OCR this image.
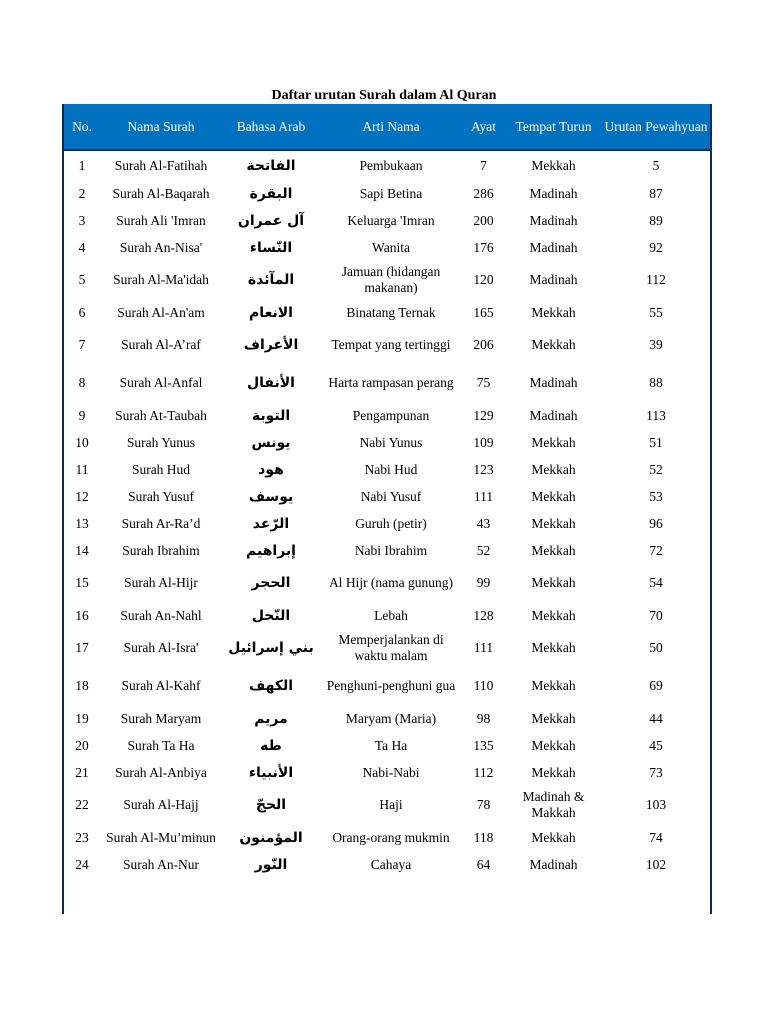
Daftar urutan Surah dalam Al Quran
No.	Nama Surah	Bahasa Arab	Arti Nama	Ayat	Tempat Turun	Urutan Pewahyuan
1	Surah Al-Fatihah	الفاتحة	Pembukaan	7	Mekkah	5
2	Surah Al-Baqarah	البقرة	Sapi Betina	286	Madinah	87
3	Surah Ali 'Imran	آل عمران	Keluarga 'Imran	200	Madinah	89
4	Surah An-Nisa'	النّساء	Wanita	176	Madinah	92
5	Surah Al-Ma'idah	المآئدة	Jamuan (hidangan makanan)	120	Madinah	112
6	Surah Al-An'am	الانعام	Binatang Ternak	165	Mekkah	55
7	Surah Al-A’raf	الأعراف	Tempat yang tertinggi	206	Mekkah	39
8	Surah Al-Anfal	الأنفال	Harta rampasan perang	75	Madinah	88
9	Surah At-Taubah	التوبة	Pengampunan	129	Madinah	113
10	Surah Yunus	يونس	Nabi Yunus	109	Mekkah	51
11	Surah Hud	هود	Nabi Hud	123	Mekkah	52
12	Surah Yusuf	يوسف	Nabi Yusuf	111	Mekkah	53
13	Surah Ar-Ra’d	الرّعد	Guruh (petir)	43	Mekkah	96
14	Surah Ibrahim	إبراهيم	Nabi Ibrahim	52	Mekkah	72
15	Surah Al-Hijr	الحجر	Al Hijr (nama gunung)	99	Mekkah	54
16	Surah An-Nahl	النّحل	Lebah	128	Mekkah	70
17	Surah Al-Isra'	بني إسرائيل	Memperjalankan di waktu malam	111	Mekkah	50
18	Surah Al-Kahf	الكهف	Penghuni-penghuni gua	110	Mekkah	69
19	Surah Maryam	مريم	Maryam (Maria)	98	Mekkah	44
20	Surah Ta Ha	طه	Ta Ha	135	Mekkah	45
21	Surah Al-Anbiya	الأنبياء	Nabi-Nabi	112	Mekkah	73
22	Surah Al-Hajj	الحجّ	Haji	78	Madinah & Makkah	103
23	Surah Al-Mu’minun	المؤمنون	Orang-orang mukmin	118	Mekkah	74
24	Surah An-Nur	النّور	Cahaya	64	Madinah	102
